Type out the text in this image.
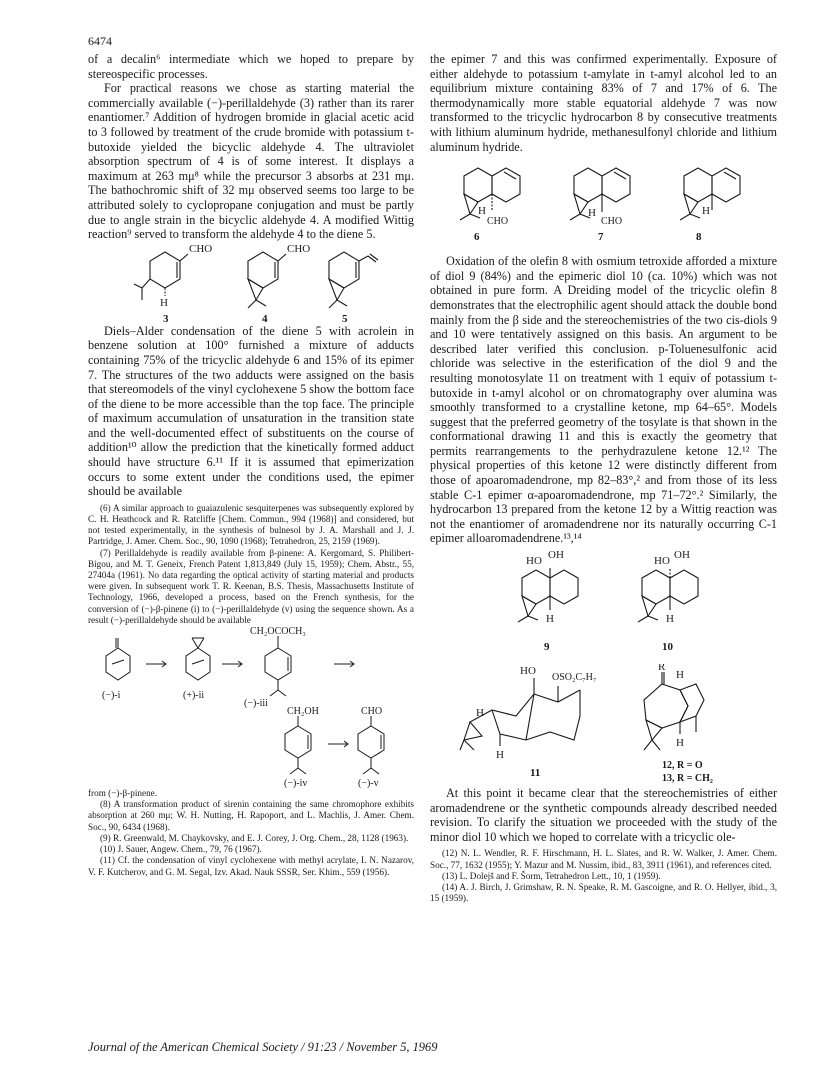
6474

of a decalin⁶ intermediate which we hoped to prepare by stereospecific processes.

For practical reasons we chose as starting material the commercially available (−)-perillaldehyde (3) rather than its rarer enantiomer.⁷ Addition of hydrogen bromide in glacial acetic acid to 3 followed by treatment of the crude bromide with potassium t-butoxide yielded the bicyclic aldehyde 4. The ultraviolet absorption spectrum of 4 is of some interest. It displays a maximum at 263 mμ⁸ while the precursor 3 absorbs at 231 mμ. The bathochromic shift of 32 mμ observed seems too large to be attributed solely to cyclopropane conjugation and must be partly due to angle strain in the bicyclic aldehyde 4. A modified Wittig reaction⁹ served to transform the aldehyde 4 to the diene 5.

CHO	CHO
H
3	4	5

Diels–Alder condensation of the diene 5 with acrolein in benzene solution at 100° furnished a mixture of adducts containing 75% of the tricyclic aldehyde 6 and 15% of its epimer 7. The structures of the two adducts were assigned on the basis that stereomodels of the vinyl cyclohexene 5 show the bottom face of the diene to be more accessible than the top face. The principle of maximum accumulation of unsaturation in the transition state and the well-documented effect of substituents on the course of addition¹⁰ allow the prediction that the kinetically formed adduct should have structure 6.¹¹ If it is assumed that epimerization occurs to some extent under the conditions used, the epimer should be available

(6) A similar approach to guaiazulenic sesquiterpenes was subsequently explored by C. H. Heathcock and R. Ratcliffe [Chem. Commun., 994 (1968)] and considered, but not tested experimentally, in the synthesis of bulnesol by J. A. Marshall and J. J. Partridge, J. Amer. Chem. Soc., 90, 1090 (1968); Tetrahedron, 25, 2159 (1969).

(7) Perillaldehyde is readily available from β-pinene: A. Kergomard, S. Philibert-Bigou, and M. T. Geneix, French Patent 1,813,849 (July 15, 1959); Chem. Abstr., 55, 27404a (1961). No data regarding the optical activity of starting material and products were given. In subsequent work T. R. Keenan, B.S. Thesis, Massachusetts Institute of Technology, 1966, developed a process, based on the French synthesis, for the conversion of (−)-β-pinene (i) to (−)-perillaldehyde (v) using the sequence shown. As a result (−)-perillaldehyde should be available

CH₂OCOCH₃
CH₂OH	CHO
(−)-i	(+)-ii
(−)-iii
(−)-iv	(−)-v

from (−)-β-pinene.

(8) A transformation product of sirenin containing the same chromophore exhibits absorption at 260 mμ; W. H. Nutting, H. Rapoport, and L. Machlis, J. Amer. Chem. Soc., 90, 6434 (1968).

(9) R. Greenwald, M. Chaykovsky, and E. J. Corey, J. Org. Chem., 28, 1128 (1963).

(10) J. Sauer, Angew. Chem., 79, 76 (1967).

(11) Cf. the condensation of vinyl cyclohexene with methyl acrylate, I. N. Nazarov, V. F. Kutcherov, and G. M. Segal, Izv. Akad. Nauk SSSR, Ser. Khim., 559 (1956).

the epimer 7 and this was confirmed experimentally. Exposure of either aldehyde to potassium t-amylate in t-amyl alcohol led to an equilibrium mixture containing 83% of 7 and 17% of 6. The thermodynamically more stable equatorial aldehyde 7 was now transformed to the tricyclic hydrocarbon 8 by consecutive treatments with lithium aluminum hydride, methanesulfonyl chloride and lithium aluminum hydride.

H
CHO
H
CHO
H
6	7	8

Oxidation of the olefin 8 with osmium tetroxide afforded a mixture of diol 9 (84%) and the epimeric diol 10 (ca. 10%) which was not obtained in pure form. A Dreiding model of the tricyclic olefin 8 demonstrates that the electrophilic agent should attack the double bond mainly from the β side and the stereochemistries of the two cis-diols 9 and 10 were tentatively assigned on this basis. An argument to be described later verified this conclusion. p-Toluenesulfonic acid chloride was selective in the esterification of the diol 9 and the resulting monotosylate 11 on treatment with 1 equiv of potassium t-butoxide in t-amyl alcohol or on chromatography over alumina was smoothly transformed to a crystalline ketone, mp 64–65°. Models suggest that the preferred geometry of the tosylate is that shown in the conformational drawing 11 and this is exactly the geometry that permits rearrangements to the perhydrazulene ketone 12.¹² The physical properties of this ketone 12 were distinctly different from those of apoaromadendrone, mp 82–83°,² and from those of its less stable C-1 epimer α-apoaromadendrone, mp 71–72°.² Similarly, the hydrocarbon 13 prepared from the ketone 12 by a Wittig reaction was not the enantiomer of aromadendrene nor its naturally occurring C-1 epimer alloaromadendrene.¹³,¹⁴

HO OH
H
HO OH
H
9	10
HO
OSO₂C₇H₇
H
H
R
H
H
11
12, R = O
13, R = CH₂

At this point it became clear that the stereochemistries of either aromadendrene or the synthetic compounds already described needed revision. To clarify the situation we proceeded with the study of the minor diol 10 which we hoped to correlate with a tricyclic ole-

(12) N. L. Wendler, R. F. Hirschmann, H. L. Slates, and R. W. Walker, J. Amer. Chem. Soc., 77, 1632 (1955); Y. Mazur and M. Nussim, ibid., 83, 3911 (1961), and references cited.

(13) L. Dolejš and F. Šorm, Tetrahedron Lett., 10, 1 (1959).

(14) A. J. Birch, J. Grimshaw, R. N. Speake, R. M. Gascoigne, and R. O. Hellyer, ibid., 3, 15 (1959).

Journal of the American Chemical Society / 91:23 / November 5, 1969
